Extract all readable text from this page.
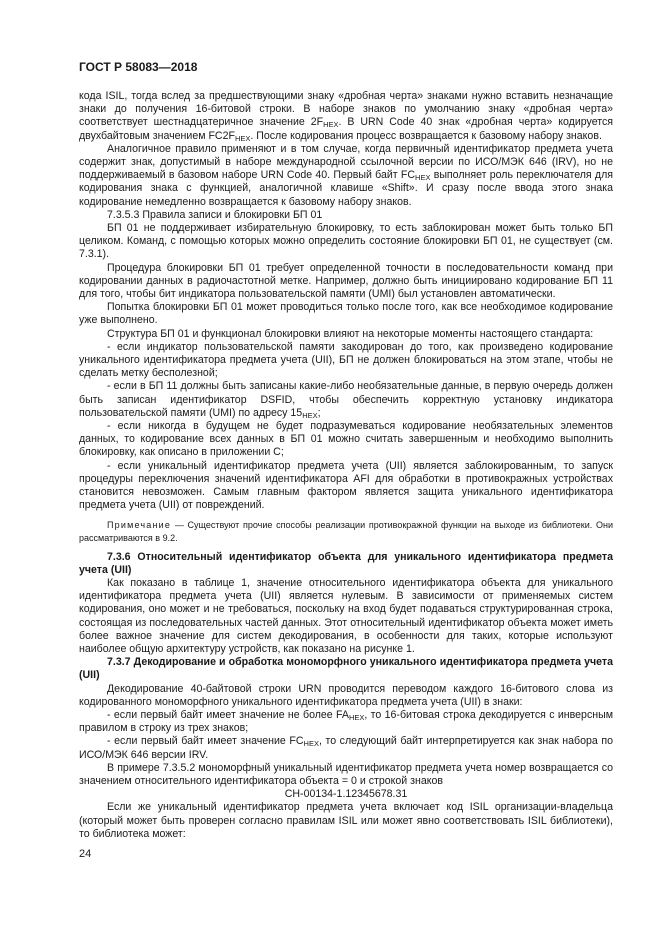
ГОСТ Р 58083—2018

кода ISIL, тогда вслед за предшествующими знаку «дробная черта» знаками нужно вставить незначащие знаки до получения 16-битовой строки. В наборе знаков по умолчанию знаку «дробная черта» соответствует шестнадцатеричное значение $2F_{HEX}$. В URN Code 40 знак «дробная черта» кодируется двухбайтовым значением $FC2F_{HEX}$. После кодирования процесс возвращается к базовому набору знаков.

Аналогичное правило применяют и в том случае, когда первичный идентификатор предмета учета содержит знак, допустимый в наборе международной ссылочной версии по ИСО/МЭК 646 (IRV), но не поддерживаемый в базовом наборе URN Code 40. Первый байт $FC_{HEX}$ выполняет роль переключателя для кодирования знака с функцией, аналогичной клавише «Shift». И сразу после ввода этого знака кодирование немедленно возвращается к базовому набору знаков.

7.3.5.3 Правила записи и блокировки БП 01

БП 01 не поддерживает избирательную блокировку, то есть заблокирован может быть только БП целиком. Команд, с помощью которых можно определить состояние блокировки БП 01, не существует (см. 7.3.1).

Процедура блокировки БП 01 требует определенной точности в последовательности команд при кодировании данных в радиочастотной метке. Например, должно быть инициировано кодирование БП 11 для того, чтобы бит индикатора пользовательской памяти (UMI) был установлен автоматически.

Попытка блокировки БП 01 может проводиться только после того, как все необходимое кодирование уже выполнено.

Структура БП 01 и функционал блокировки влияют на некоторые моменты настоящего стандарта:

- если индикатор пользовательской памяти закодирован до того, как произведено кодирование уникального идентификатора предмета учета (UII), БП не должен блокироваться на этом этапе, чтобы не сделать метку бесполезной;

- если в БП 11 должны быть записаны какие-либо необязательные данные, в первую очередь должен быть записан идентификатор DSFID, чтобы обеспечить корректную установку индикатора пользовательской памяти (UMI) по адресу $15_{HEX}$;

- если никогда в будущем не будет подразумеваться кодирование необязательных элементов данных, то кодирование всех данных в БП 01 можно считать завершенным и необходимо выполнить блокировку, как описано в приложении С;

- если уникальный идентификатор предмета учета (UII) является заблокированным, то запуск процедуры переключения значений идентификатора AFI для обработки в противокражных устройствах становится невозможен. Самым главным фактором является защита уникального идентификатора предмета учета (UII) от повреждений.

Примечание — Существуют прочие способы реализации противокражной функции на выходе из библиотеки. Они рассматриваются в 9.2.

7.3.6 Относительный идентификатор объекта для уникального идентификатора предмета учета (UII)

Как показано в таблице 1, значение относительного идентификатора объекта для уникального идентификатора предмета учета (UII) является нулевым. В зависимости от применяемых систем кодирования, оно может и не требоваться, поскольку на вход будет подаваться структурированная строка, состоящая из последовательных частей данных. Этот относительный идентификатор объекта может иметь более важное значение для систем декодирования, в особенности для таких, которые используют наиболее общую архитектуру устройств, как показано на рисунке 1.

7.3.7 Декодирование и обработка мономорфного уникального идентификатора предмета учета (UII)

Декодирование 40-байтовой строки URN проводится переводом каждого 16-битового слова из кодированного мономорфного уникального идентификатора предмета учета (UII) в знаки:

- если первый байт имеет значение не более $FA_{HEX}$, то 16-битовая строка декодируется с инверсным правилом в строку из трех знаков;

- если первый байт имеет значение $FC_{HEX}$, то следующий байт интерпретируется как знак набора по ИСО/МЭК 646 версии IRV.

В примере 7.3.5.2 мономорфный уникальный идентификатор предмета учета номер возвращается со значением относительного идентификатора объекта = 0 и строкой знаков

CH-00134-1.12345678.31

Если же уникальный идентификатор предмета учета включает код ISIL организации-владельца (который может быть проверен согласно правилам ISIL или может явно соответствовать ISIL библиотеки), то библиотека может:

24
